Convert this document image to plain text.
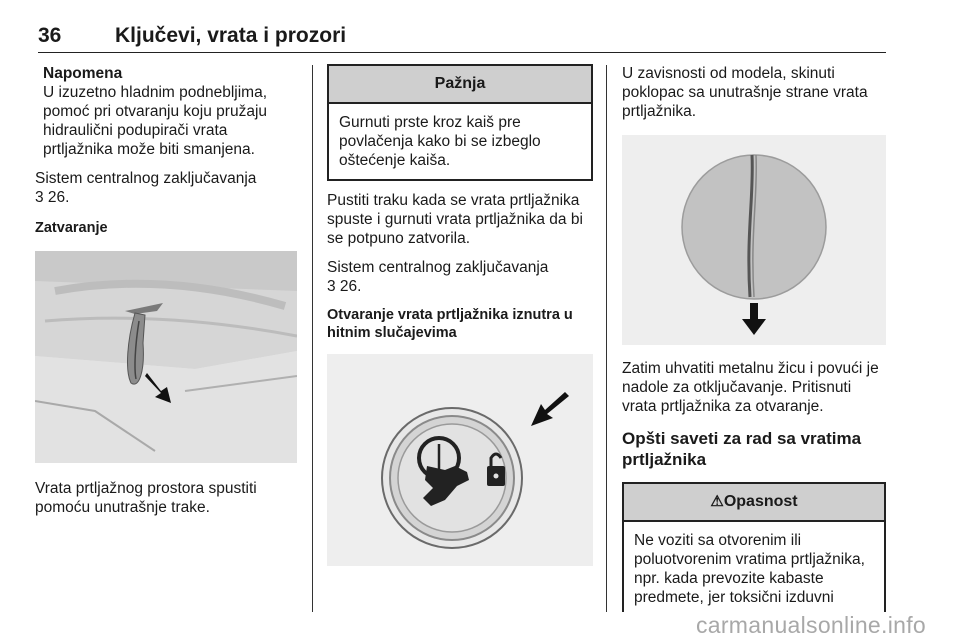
36	Ključevi, vrata i prozori

Napomena

U izuzetno hladnim podnebljima,

pomoć pri otvaranju koju pružaju

hidraulični podupirači vrata

prtljažnika može biti smanjena.

Sistem centralnog zaključavanja

3 26.

Zatvaranje

Vrata prtljažnog prostora spustiti

pomoću unutrašnje trake.

Pažnja

Gurnuti prste kroz kaiš pre

povlačenja kako bi se izbeglo

oštećenje kaiša.

Pustiti traku kada se vrata prtljažnika

spuste i gurnuti vrata prtljažnika da bi

se potpuno zatvorila.

Sistem centralnog zaključavanja

3 26.

Otvaranje vrata prtljažnika iznutra u

hitnim slučajevima

U zavisnosti od modela, skinuti

poklopac sa unutrašnje strane vrata

prtljažnika.

Zatim uhvatiti metalnu žicu i povući je

nadole za otključavanje. Pritisnuti

vrata prtljažnika za otvaranje.

Opšti saveti za rad sa vratima

prtljažnika

⚠Opasnost

Ne voziti sa otvorenim ili

poluotvorenim vratima prtljažnika,

npr. kada prevozite kabaste

predmete, jer toksični izduvni

carmanualsonline.info
